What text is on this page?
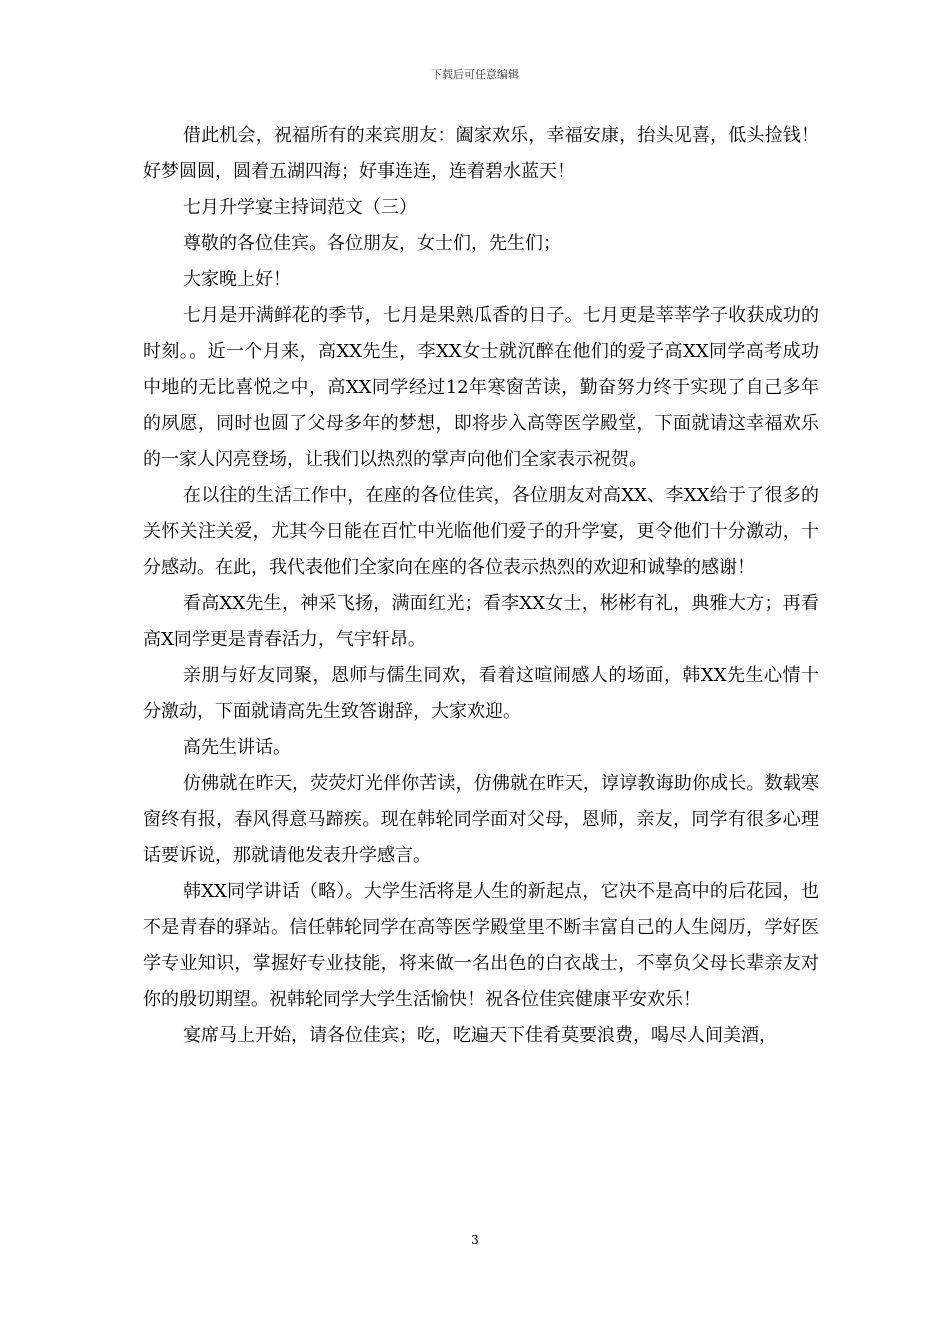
下载后可任意编辑

借此机会，祝福所有的来宾朋友：阖家欢乐，幸福安康，抬头见喜，低头捡钱！好梦圆圆，圆着五湖四海；好事连连，连着碧水蓝天！

七月升学宴主持词范文（三）

尊敬的各位佳宾。各位朋友，女士们，先生们；

大家晚上好！

七月是开满鲜花的季节，七月是果熟瓜香的日子。七月更是莘莘学子收获成功的时刻。。近一个月来，高XX先生，李XX女士就沉醉在他们的爱子高XX同学高考成功中地的无比喜悦之中，高XX同学经过12年寒窗苦读，勤奋努力终于实现了自己多年的夙愿，同时也圆了父母多年的梦想，即将步入高等医学殿堂，下面就请这幸福欢乐的一家人闪亮登场，让我们以热烈的掌声向他们全家表示祝贺。

在以往的生活工作中，在座的各位佳宾，各位朋友对高XX、李XX给于了很多的关怀关注关爱，尤其今日能在百忙中光临他们爱子的升学宴，更令他们十分激动，十分感动。在此，我代表他们全家向在座的各位表示热烈的欢迎和诚挚的感谢！

看高XX先生，神采飞扬，满面红光；看李XX女士，彬彬有礼，典雅大方；再看高X同学更是青春活力，气宇轩昂。

亲朋与好友同聚，恩师与儒生同欢，看着这喧闹感人的场面，韩XX先生心情十分激动，下面就请高先生致答谢辞，大家欢迎。

高先生讲话。

仿佛就在昨天，荧荧灯光伴你苦读，仿佛就在昨天，谆谆教诲助你成长。数载寒窗终有报，春风得意马蹄疾。现在韩轮同学面对父母，恩师，亲友，同学有很多心理话要诉说，那就请他发表升学感言。

韩XX同学讲话（略）。大学生活将是人生的新起点，它决不是高中的后花园，也不是青春的驿站。信任韩轮同学在高等医学殿堂里不断丰富自己的人生阅历，学好医学专业知识，掌握好专业技能，将来做一名出色的白衣战士，不辜负父母长辈亲友对你的殷切期望。祝韩轮同学大学生活愉快！祝各位佳宾健康平安欢乐！

宴席马上开始，请各位佳宾；吃，吃遍天下佳肴莫要浪费，喝尽人间美酒，

3
